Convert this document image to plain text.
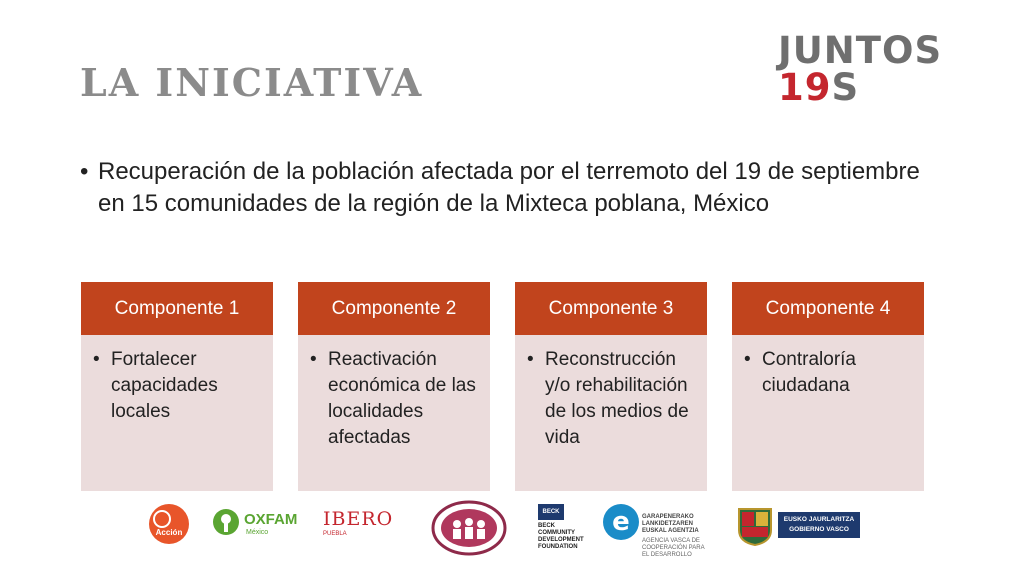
LA INICIATIVA
JUNTOS 19S
• Recuperación de la población afectada por el terremoto del 19 de septiembre en 15 comunidades de la región de la Mixteca poblana, México
Componente 1
• Fortalecer capacidades locales
Componente 2
• Reactivación económica de las localidades afectadas
Componente 3
• Reconstrucción y/o rehabilitación de los medios de vida
Componente 4
• Contraloría ciudadana
Acción
OXFAM
México
IBERO
PUEBLA
BECK
BECK
COMMUNITY
DEVELOPMENT
FOUNDATION
e GARAPENERAKO
LANKIDETZAREN
EUSKAL AGENTZIA
AGENCIA VASCA DE
COOPERACIÓN PARA
EL DESARROLLO
EUSKO JAURLARITZA
GOBIERNO VASCO
